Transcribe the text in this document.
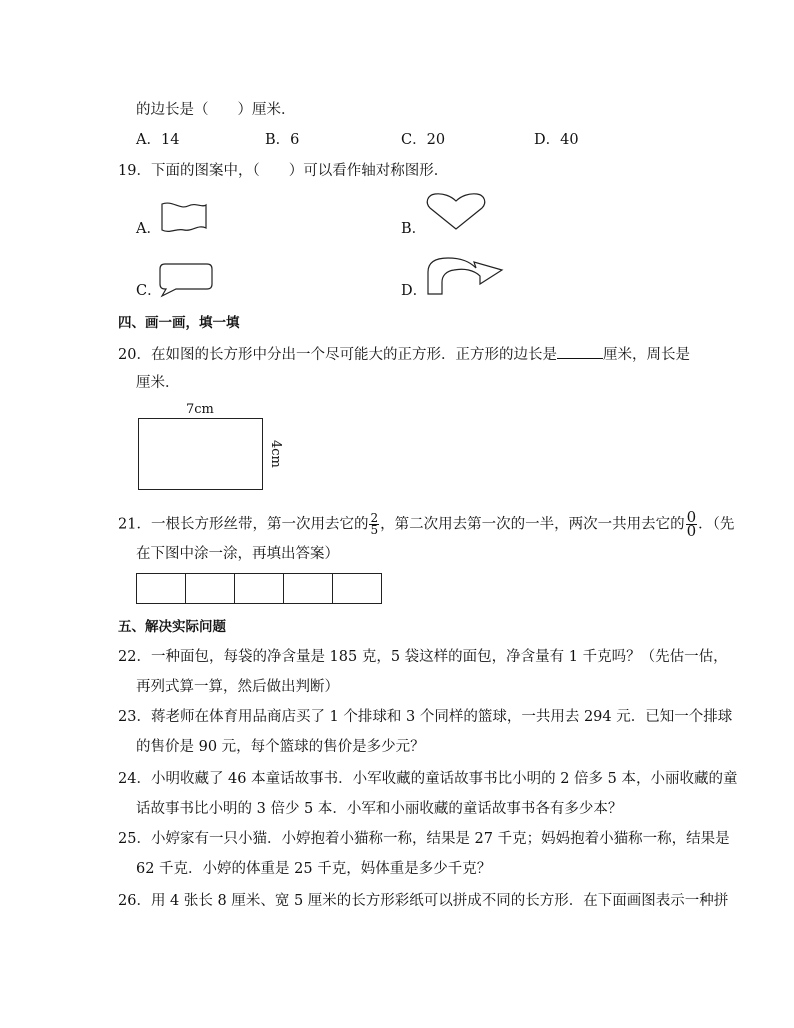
的边长是（　　）厘米．
A．14	B．6	C．20	D．40
19．下面的图案中，（　　）可以看作轴对称图形．
A．	B．
C．	D．
四、画一画，填一填
20．在如图的长方形中分出一个尽可能大的正方形．正方形的边长是	厘米，周长是
厘米．
7cm
4cm
21．一根长方形丝带，第一次用去它的 $\frac{2}{5}$ ，第二次用去第一次的一半，两次一共用去它的 $\frac{0}{0}$ ．（先
在下图中涂一涂，再填出答案）
五、解决实际问题
22．一种面包，每袋的净含量是 185 克，5 袋这样的面包，净含量有 1 千克吗？（先估一估，
再列式算一算，然后做出判断）
23．蒋老师在体育用品商店买了 1 个排球和 3 个同样的篮球，一共用去 294 元．已知一个排球
的售价是 90 元，每个篮球的售价是多少元？
24．小明收藏了 46 本童话故事书．小军收藏的童话故事书比小明的 2 倍多 5 本，小丽收藏的童
话故事书比小明的 3 倍少 5 本．小军和小丽收藏的童话故事书各有多少本？
25．小婷家有一只小猫．小婷抱着小猫称一称，结果是 27 千克；妈妈抱着小猫称一称，结果是
62 千克．小婷的体重是 25 千克，妈体重是多少千克？
26．用 4 张长 8 厘米、宽 5 厘米的长方形彩纸可以拼成不同的长方形．在下面画图表示一种拼
